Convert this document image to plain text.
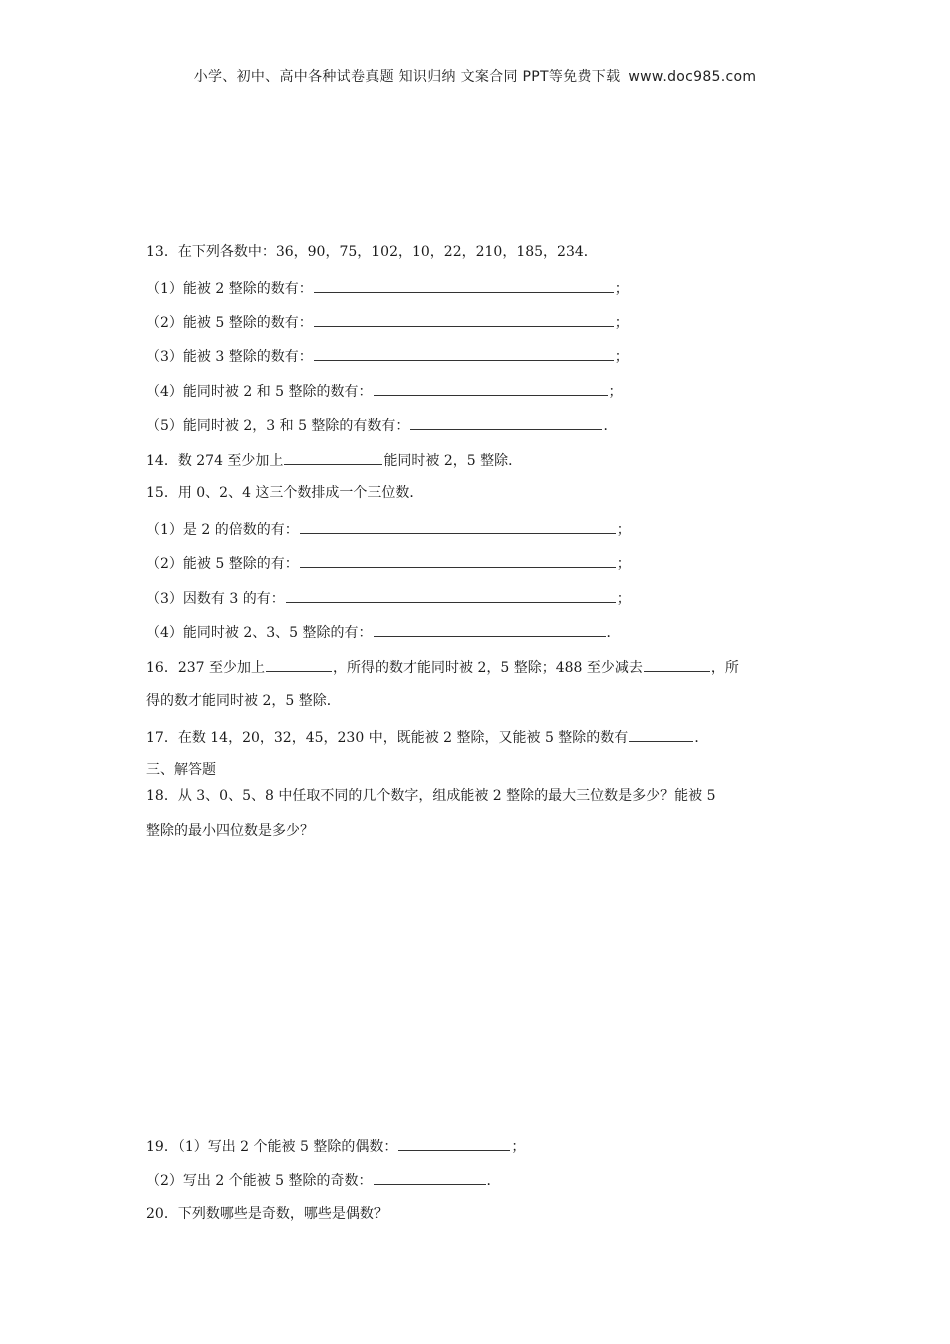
小学、初中、高中各种试卷真题 知识归纳 文案合同 PPT等免费下载 www.doc985.com
13．在下列各数中：36，90，75，102，10，22，210，185，234．
（1）能被 2 整除的数有：	；
（2）能被 5 整除的数有：	；
（3）能被 3 整除的数有：	；
（4）能同时被 2 和 5 整除的数有：	；
（5）能同时被 2，3 和 5 整除的有数有：	．
14．数 274 至少加上	能同时被 2，5 整除．
15．用 0、2、4 这三个数排成一个三位数．
（1）是 2 的倍数的有：	；
（2）能被 5 整除的有：	；
（3）因数有 3 的有：	；
（4）能同时被 2、3、5 整除的有：	．
16．237 至少加上	，所得的数才能同时被 2，5 整除；488 至少减去	，所
得的数才能同时被 2，5 整除．
17．在数 14，20，32，45，230 中，既能被 2 整除，又能被 5 整除的数有	．
三、解答题
18．从 3、0、5、8 中任取不同的几个数字，组成能被 2 整除的最大三位数是多少？能被 5
整除的最小四位数是多少？
19．（1）写出 2 个能被 5 整除的偶数：	；
（2）写出 2 个能被 5 整除的奇数：	．
20．下列数哪些是奇数，哪些是偶数？
